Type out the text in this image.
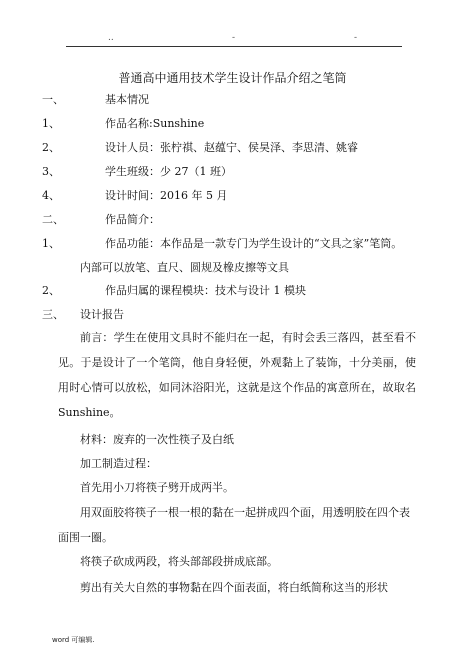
..	-	-
普通高中通用技术学生设计作品介绍之笔筒
一、	基本情况
1、	作品名称:Sunshine
2、	设计人员：张柠祺、赵蕴宁、侯昊泽、李思清、姚睿
3、	学生班级：少 27（1 班）
4、	设计时间：2016 年 5 月
二、	作品简介：
1、	作品功能：本作品是一款专门为学生设计的“文具之家”笔筒。
内部可以放笔、直尺、圆规及橡皮擦等文具
2、	作品归属的课程模块：技术与设计 1 模块
三、 设计报告
前言：学生在使用文具时不能归在一起，有时会丢三落四，甚至看不见。于是设计了一个笔筒，他自身轻便，外观黏上了装饰，十分美丽，使用时心情可以放松，如同沐浴阳光，这就是这个作品的寓意所在，故取名 Sunshine。
材料：废弃的一次性筷子及白纸
加工制造过程：
首先用小刀将筷子劈开成两半。
用双面胶将筷子一根一根的黏在一起拼成四个面，用透明胶在四个表面围一圈。
将筷子砍成两段，将头部部段拼成底部。
剪出有关大自然的事物黏在四个面表面，将白纸简称这当的形状
word 可编辑.
